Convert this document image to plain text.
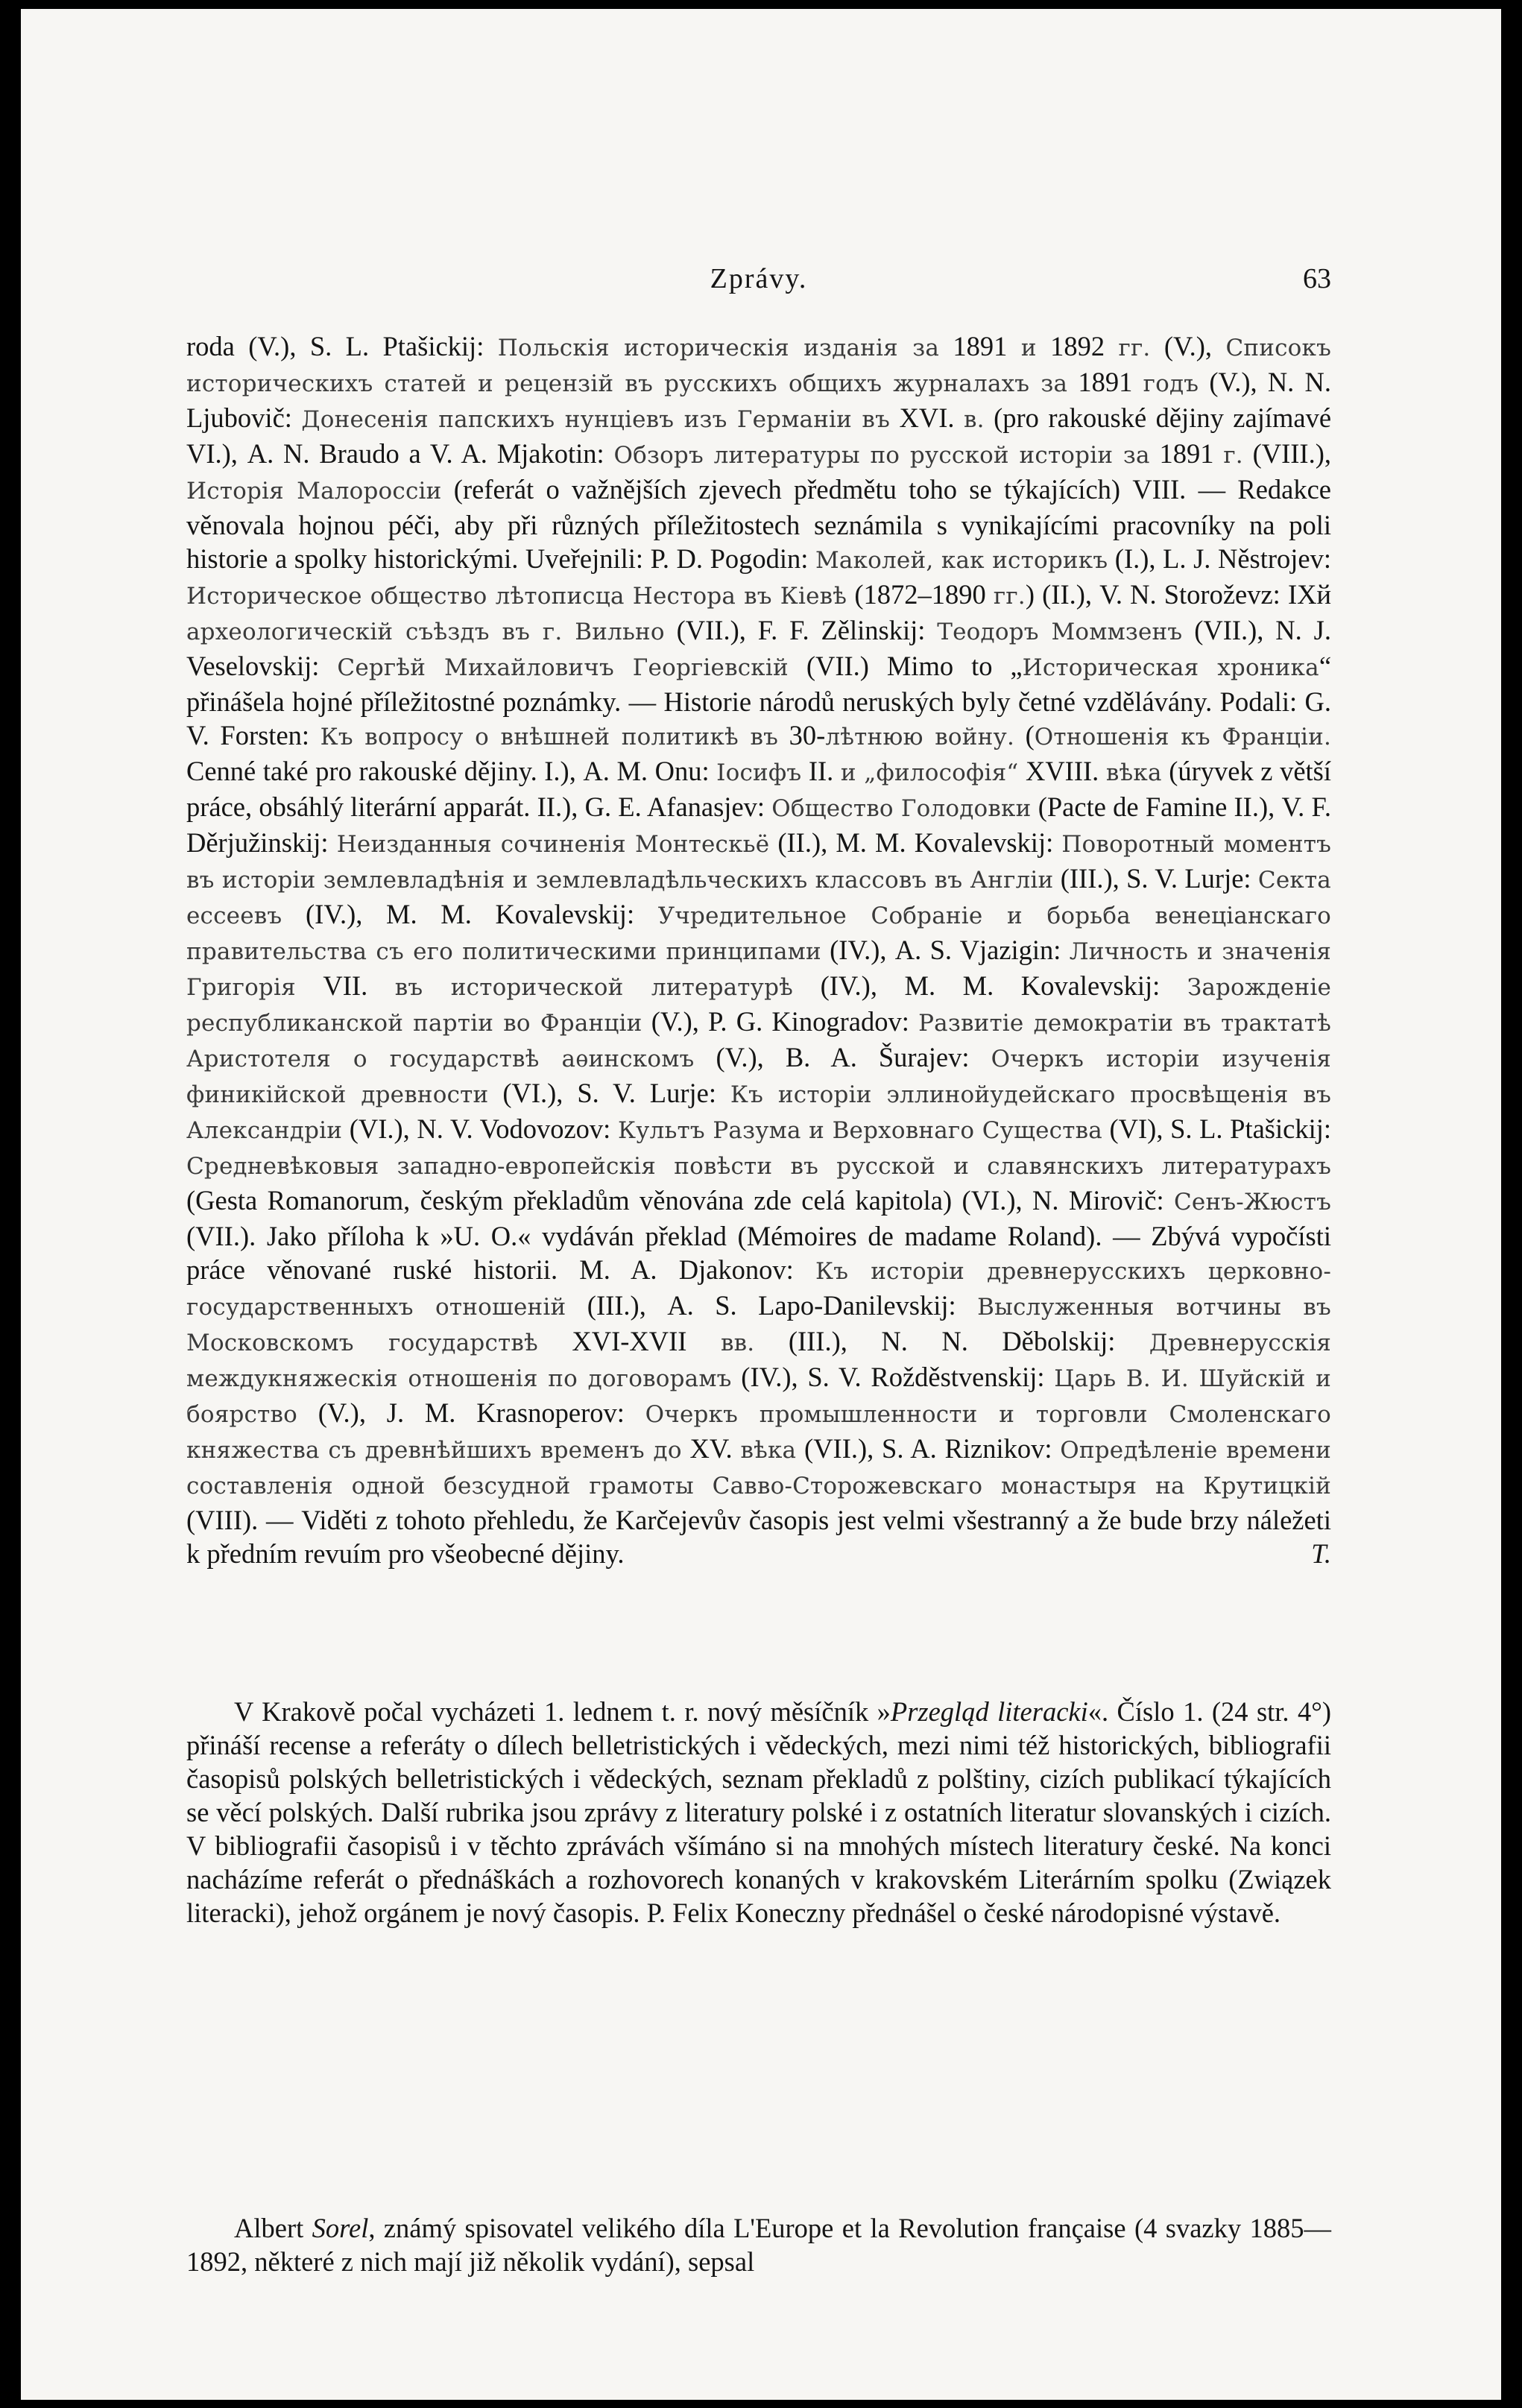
Zprávy.	63

roda (V.), S. L. Ptašickij: Польскія историческія изданія за 1891 и 1892 гг. (V.), Списокъ историческихъ статей и рецензій въ русскихъ общихъ журналахъ за 1891 годъ (V.), N. N. Ljubovič: Донесенія папскихъ нунціевъ изъ Германіи въ XVI. в. (pro rakouské dějiny zajímavé VI.), A. N. Braudo a V. A. Mjakotin: Обзоръ литературы по русской исторіи за 1891 г. (VIII.), Исторія Малороссіи (referát o važnějších zjevech předmětu toho se týkajících) VIII. — Redakce věnovala hojnou péči, aby při různých příležitostech seznámila s vynikajícími pracovníky na poli historie a spolky historickými. Uveřejnili: P. D. Pogodin: Маколей, как историкъ (I.), L. J. Něstrojev: Историческое общество лѣтописца Нестора въ Кіевѣ (1872–1890 гг.) (II.), V. N. Storoževz: IXй археологическій съѣздъ въ г. Вильно (VII.), F. F. Zělinskij: Теодоръ Моммзенъ (VII.), N. J. Veselovskij: Сергѣй Михайловичъ Георгіевскій (VII.) Mimo to „Историческая хроника“ přinášela hojné příležitostné poznámky. — Historie národů neruských byly četné vzdělávány. Podali: G. V. Forsten: Къ вопросу о внѣшней политикѣ въ 30-лѣтнюю войну. (Отношенія къ Франціи. Cenné také pro rakouské dějiny. I.), A. M. Onu: Іосифъ II. и „философія“ XVIII. вѣка (úryvek z větší práce, obsáhlý literární apparát. II.), G. E. Afanasjev: Общество Голодовки (Pacte de Famine II.), V. F. Děrjužinskij: Неизданныя сочиненія Монтескьё (II.), M. M. Kovalevskij: Поворотный моментъ въ исторіи землевладѣнія и землевладѣльческихъ классовъ въ Англіи (III.), S. V. Lurje: Секта ессеевъ (IV.), M. M. Kovalevskij: Учредительное Собраніе и борьба венеціанскаго правительства съ его политическими принципами (IV.), A. S. Vjazigin: Личность и значенія Григорія VII. въ исторической литературѣ (IV.), M. M. Kovalevskij: Зарожденіе республиканской партіи во Франціи (V.), P. G. Kinogradov: Развитіе демократіи въ трактатѣ Аристотеля о государствѣ аѳинскомъ (V.), B. A. Šurajev: Очеркъ исторіи изученія финикійской древности (VI.), S. V. Lurje: Къ исторіи эллинойудейскаго просвѣщенія въ Александріи (VI.), N. V. Vodovozov: Культъ Разума и Верховнаго Существа (VI), S. L. Ptašickij: Средневѣковыя западно-европейскія повѣсти въ русской и славянскихъ литературахъ (Gesta Romanorum, českým překladům věnována zde celá kapitola) (VI.), N. Mirovič: Сенъ-Жюстъ (VII.). Jako příloha k »U. O.« vydáván překlad (Mémoires de madame Roland). — Zbývá vypočísti práce věnované ruské historii. M. A. Djakonov: Къ исторіи древнерусскихъ церковно-государственныхъ отношеній (III.), A. S. Lapo-Danilevskij: Выслуженныя вотчины въ Московскомъ государствѣ XVI-XVII вв. (III.), N. N. Děbolskij: Древнерусскія междукняжескія отношенія по договорамъ (IV.), S. V. Rožděstvenskij: Царь В. И. Шуйскій и боярство (V.), J. M. Krasnoperov: Очеркъ промышленности и торговли Смоленскаго княжества съ древнѣйшихъ временъ до XV. вѣка (VII.), S. A. Riznikov: Опредѣленіе времени составленія одной безсудной грамоты Савво-Сторожевскаго монастыря на Крутицкій (VIII). — Viděti z tohoto přehledu, že Karčejevův časopis jest velmi všestranný a že bude brzy náležeti k předním revuím pro všeobecné dějiny.	T.

V Krakově počal vycházeti 1. lednem t. r. nový měsíčník »Przegląd literacki«. Číslo 1. (24 str. 4°) přináší recense a referáty o dílech belletristických i vědeckých, mezi nimi též historických, bibliografii časopisů polských belletristických i vědeckých, seznam překladů z polštiny, cizích publikací týkajících se věcí polských. Další rubrika jsou zprávy z literatury polské i z ostatních literatur slovanských i cizích. V bibliografii časopisů i v těchto zprávách všímáno si na mnohých místech literatury české. Na konci nacházíme referát o přednáškách a rozhovorech konaných v krakovském Literárním spolku (Związek literacki), jehož orgánem je nový časopis. P. Felix Koneczny přednášel o české národopisné výstavě.

Albert Sorel, známý spisovatel velikého díla L'Europe et la Revolution française (4 svazky 1885—1892, některé z nich mají již několik vydání), sepsal
